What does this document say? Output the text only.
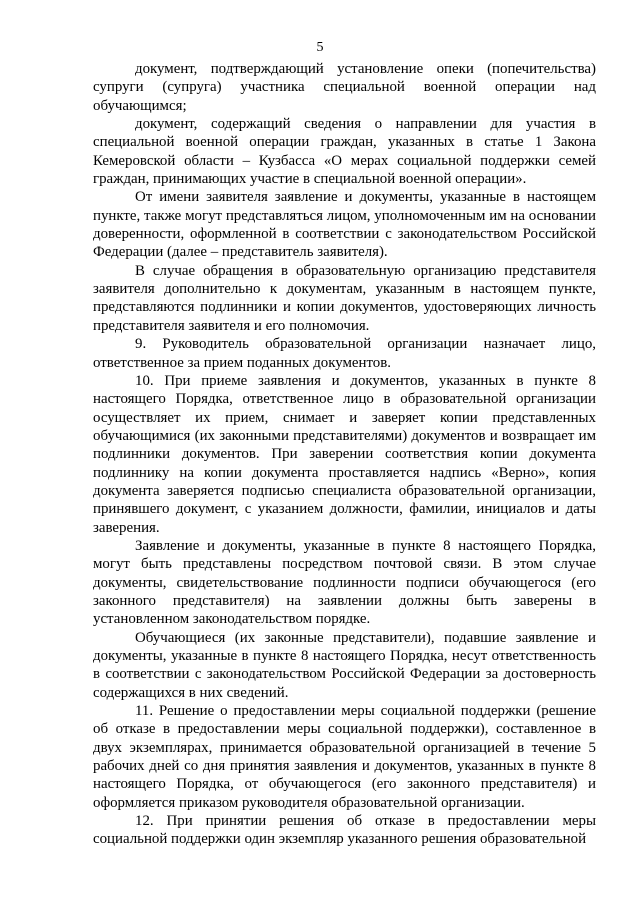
5

документ, подтверждающий установление опеки (попечительства) супруги (супруга) участника специальной военной операции над обучающимся;

документ, содержащий сведения о направлении для участия в специальной военной операции граждан, указанных в статье 1 Закона Кемеровской области – Кузбасса «О мерах социальной поддержки семей граждан, принимающих участие в специальной военной операции».

От имени заявителя заявление и документы, указанные в настоящем пункте, также могут представляться лицом, уполномоченным им на основании доверенности, оформленной в соответствии с законодательством Российской Федерации (далее – представитель заявителя).

В случае обращения в образовательную организацию представителя заявителя дополнительно к документам, указанным в настоящем пункте, представляются подлинники и копии документов, удостоверяющих личность представителя заявителя и его полномочия.

9. Руководитель образовательной организации назначает лицо, ответственное за прием поданных документов.

10. При приеме заявления и документов, указанных в пункте 8 настоящего Порядка, ответственное лицо в образовательной организации осуществляет их прием, снимает и заверяет копии представленных обучающимися (их законными представителями) документов и возвращает им подлинники документов. При заверении соответствия копии документа подлиннику на копии документа проставляется надпись «Верно», копия документа заверяется подписью специалиста образовательной организации, принявшего документ, с указанием должности, фамилии, инициалов и даты заверения.

Заявление и документы, указанные в пункте 8 настоящего Порядка, могут быть представлены посредством почтовой связи. В этом случае документы, свидетельствование подлинности подписи обучающегося (его законного представителя) на заявлении должны быть заверены в установленном законодательством порядке.

Обучающиеся (их законные представители), подавшие заявление и документы, указанные в пункте 8 настоящего Порядка, несут ответственность в соответствии с законодательством Российской Федерации за достоверность содержащихся в них сведений.

11. Решение о предоставлении меры социальной поддержки (решение об отказе в предоставлении меры социальной поддержки), составленное в двух экземплярах, принимается образовательной организацией в течение 5 рабочих дней со дня принятия заявления и документов, указанных в пункте 8 настоящего Порядка, от обучающегося (его законного представителя) и оформляется приказом руководителя образовательной организации.

12. При принятии решения об отказе в предоставлении меры социальной поддержки один экземпляр указанного решения образовательной
